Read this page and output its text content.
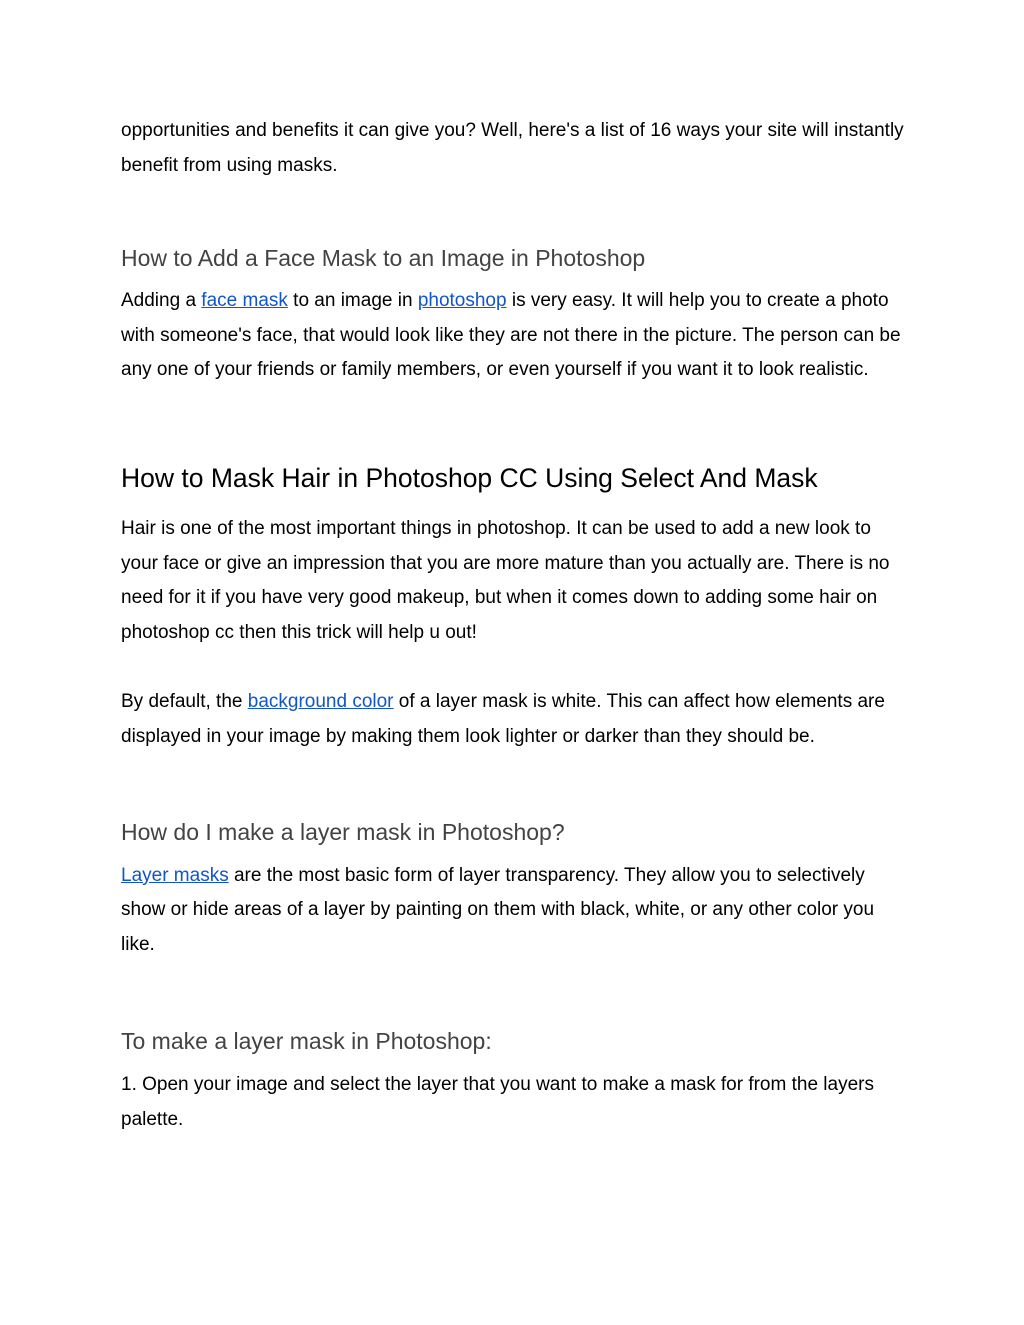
opportunities and benefits it can give you? Well, here's a list of 16 ways your site will instantly benefit from using masks.

How to Add a Face Mask to an Image in Photoshop

Adding a face mask to an image in photoshop is very easy. It will help you to create a photo with someone's face, that would look like they are not there in the picture. The person can be any one of your friends or family members, or even yourself if you want it to look realistic.

How to Mask Hair in Photoshop CC Using Select And Mask

Hair is one of the most important things in photoshop. It can be used to add a new look to your face or give an impression that you are more mature than you actually are. There is no need for it if you have very good makeup, but when it comes down to adding some hair on photoshop cc then this trick will help u out!

By default, the background color of a layer mask is white. This can affect how elements are displayed in your image by making them look lighter or darker than they should be.

How do I make a layer mask in Photoshop?

Layer masks are the most basic form of layer transparency. They allow you to selectively show or hide areas of a layer by painting on them with black, white, or any other color you like.

To make a layer mask in Photoshop:

1. Open your image and select the layer that you want to make a mask for from the layers palette.
